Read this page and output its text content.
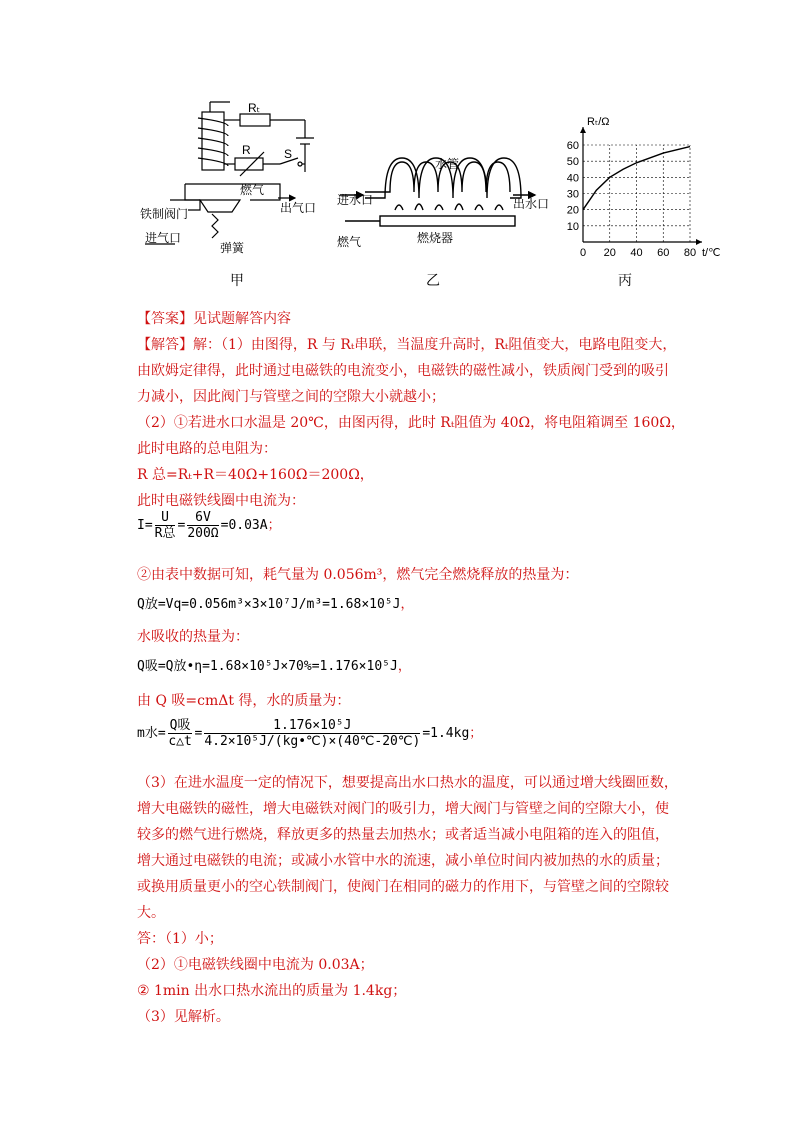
Rₜ
R	S
燃气
铁制阀门	出气口
进气口
弹簧
甲
水管
进水口	出水口
燃气	燃烧器
乙
10
20
30
40
50
60
0 20 40 60 80
Rₜ/Ω
t/℃
丙
【答案】见试题解答内容
【解答】解：（1）由图得，R 与 Rₜ串联，当温度升高时，Rₜ阻值变大，电路电阻变大，
由欧姆定律得，此时通过电磁铁的电流变小，电磁铁的磁性减小，铁质阀门受到的吸引
力减小，因此阀门与管壁之间的空隙大小就越小；
（2）①若进水口水温是 20℃，由图丙得，此时 Rₜ阻值为 40Ω，将电阻箱调至 160Ω，
此时电路的总电阻为：
R 总=Rₜ+R＝40Ω+160Ω＝200Ω，
此时电磁铁线圈中电流为：
$I= \frac{U}{\text{R总}} = \frac{6V}{200\Omega} =0.03A$；
②由表中数据可知，耗气量为 0.056m³，燃气完全燃烧释放的热量为：
Q放=Vq=0.056m³×3×10⁷J/m³=1.68×10⁵J，
水吸收的热量为：
Q吸=Q放•η=1.68×10⁵J×70%=1.176×10⁵J，
由 Q 吸=cmΔt 得，水的质量为：
m水= $\frac{\text{Q吸}}{c\triangle t} = \frac{\text{1.176×10⁵J}}{\text{4.2×10⁵J/(kg•℃)×(40℃-20℃)}} =1.4kg$；
（3）在进水温度一定的情况下，想要提高出水口热水的温度，可以通过增大线圈匝数，
增大电磁铁的磁性，增大电磁铁对阀门的吸引力，增大阀门与管壁之间的空隙大小，使
较多的燃气进行燃烧，释放更多的热量去加热水；或者适当减小电阻箱的连入的阻值，
增大通过电磁铁的电流；或减小水管中水的流速，减小单位时间内被加热的水的质量；
或换用质量更小的空心铁制阀门，使阀门在相同的磁力的作用下，与管壁之间的空隙较
大。
答：（1）小；
（2）①电磁铁线圈中电流为 0.03A；
② 1min 出水口热水流出的质量为 1.4kg；
（3）见解析。
